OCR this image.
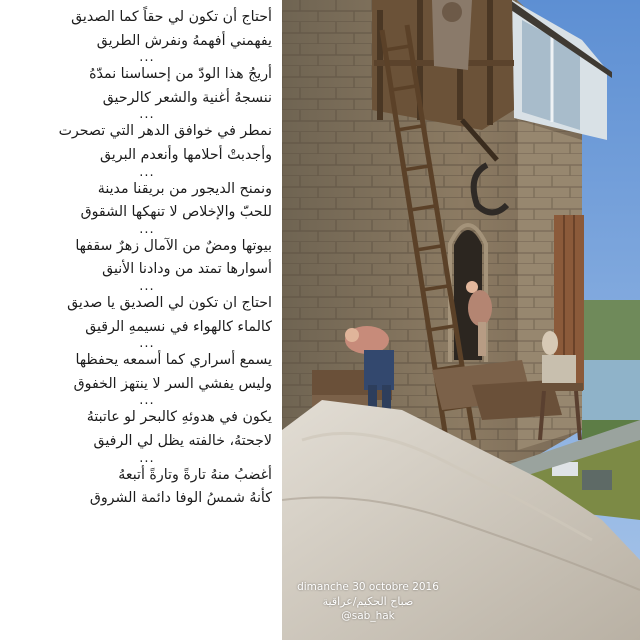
أحتاج أن تكون لي حقاً كما الصديق
يفهمني أفهمهُ ونفرش الطريق
...
أريجُ هذا الودّ من إحساسنا نمدّهُ
ننسجهُ أغنية والشعر كالرحيق
...
نمطر في خوافق الدهر التي تصحرت
وأجدبتْ أحلامها وأنعدم البريق
...
ونمنح الديجور من بريقنا مدينة
للحبّ والإخلاص لا تنهكها الشقوق
...
بيوتها ومضٌ من الآمال زهرٌ سقفها
أسوارها تمتد من ودادنا الأنيق
...
احتاج ان تكون لي الصديق يا صديق
كالماء كالهواء في نسيمهِ الرقيق
...
يسمع أسراري كما أسمعه يحفظها
وليس يفشي السر لا ينتهز الخفوق
...
يكون في هدوئهِ كالبحر لو عاتبتهُ
لاجحتهُ، خالفته يظل لي الرفيق
...
أغضبُ منهُ تارةً وتارةً أتبعهُ
كأنهُ شمسُ الوفا دائمة الشروق
dimanche 30 octobre 2016
صباح الحكيم/عراقية
@sab_hak
